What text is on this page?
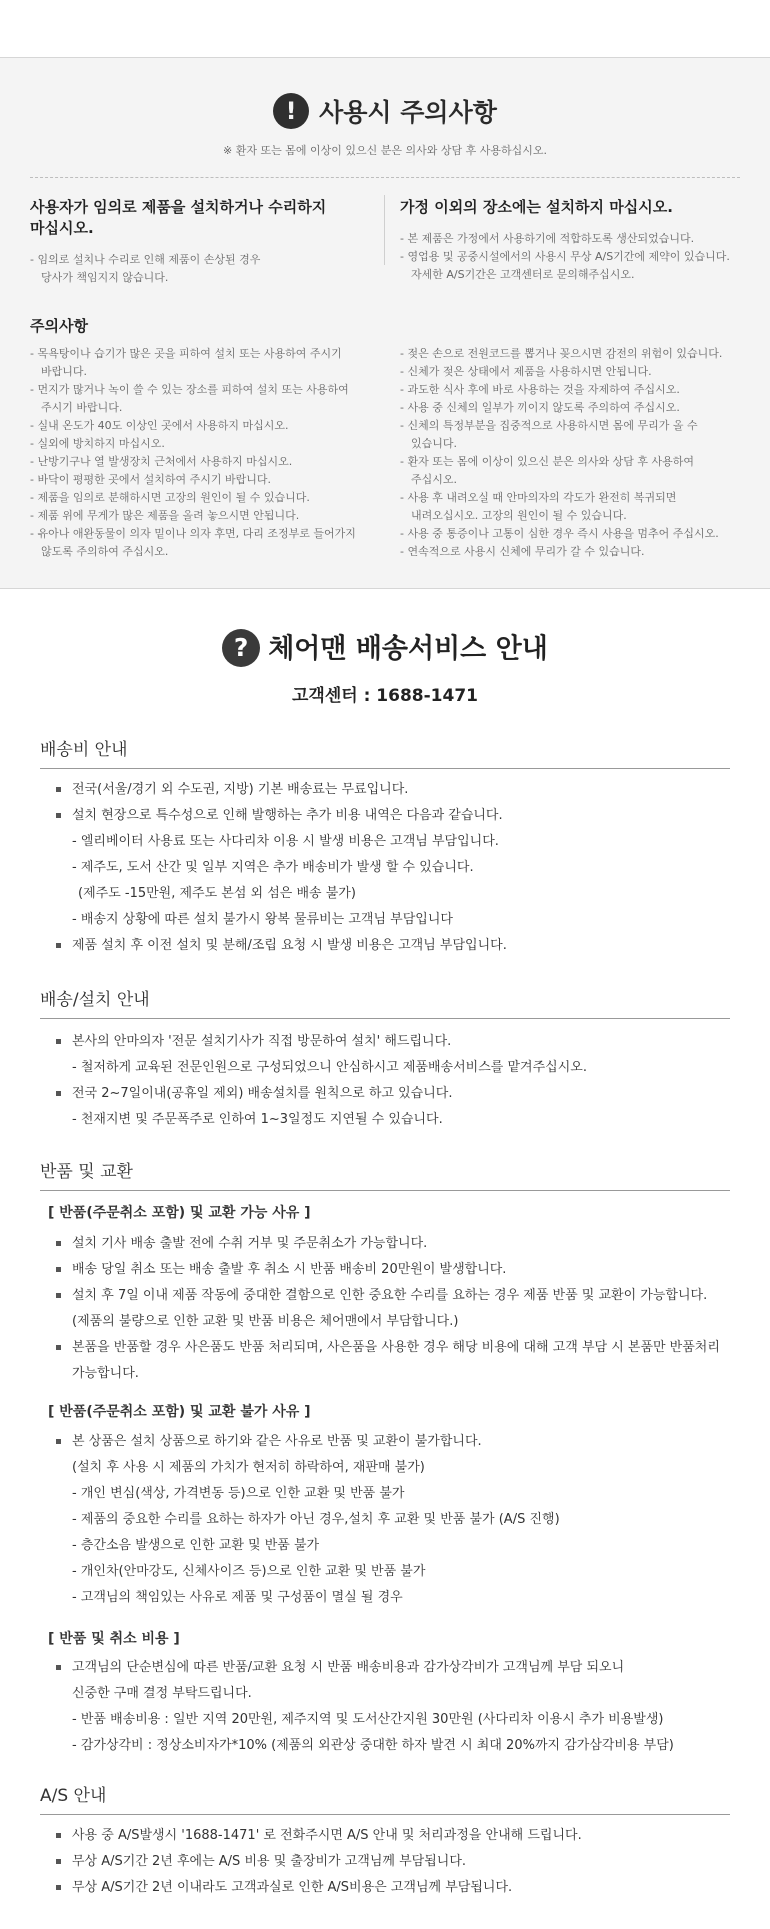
! 사용시 주의사항
※ 환자 또는 몸에 이상이 있으신 분은 의사와 상담 후 사용하십시오.
사용자가 임의로 제품을 설치하거나 수리하지
마십시오.
- 임의로 설치나 수리로 인해 제품이 손상된 경우
당사가 책임지지 않습니다.
가정 이외의 장소에는 설치하지 마십시오.
- 본 제품은 가정에서 사용하기에 적합하도록 생산되었습니다.
- 영업용 및 공중시설에서의 사용시 무상 A/S기간에 제약이 있습니다.
자세한 A/S기간은 고객센터로 문의해주십시오.
주의사항
- 목욕탕이나 습기가 많은 곳을 피하여 설치 또는 사용하여 주시기
바랍니다.
- 먼지가 많거나 녹이 쓸 수 있는 장소를 피하여 설치 또는 사용하여
주시기 바랍니다.
- 실내 온도가 40도 이상인 곳에서 사용하지 마십시오.
- 실외에 방치하지 마십시오.
- 난방기구나 열 발생장치 근처에서 사용하지 마십시오.
- 바닥이 평평한 곳에서 설치하여 주시기 바랍니다.
- 제품을 임의로 분해하시면 고장의 원인이 될 수 있습니다.
- 제품 위에 무게가 많은 제품을 올려 놓으시면 안됩니다.
- 유아나 애완동물이 의자 밑이나 의자 후면, 다리 조정부로 들어가지
않도록 주의하여 주십시오.
- 젖은 손으로 전원코드를 뽑거나 꽂으시면 감전의 위험이 있습니다.
- 신체가 젖은 상태에서 제품을 사용하시면 안됩니다.
- 과도한 식사 후에 바로 사용하는 것을 자제하여 주십시오.
- 사용 중 신체의 일부가 끼이지 않도록 주의하여 주십시오.
- 신체의 특정부분을 집중적으로 사용하시면 몸에 무리가 올 수
있습니다.
- 환자 또는 몸에 이상이 있으신 분은 의사와 상담 후 사용하여
주십시오.
- 사용 후 내려오실 때 안마의자의 각도가 완전히 복귀되면
내려오십시오. 고장의 원인이 될 수 있습니다.
- 사용 중 통증이나 고통이 심한 경우 즉시 사용을 멈추어 주십시오.
- 연속적으로 사용시 신체에 무리가 갈 수 있습니다.
? 체어맨 배송서비스 안내
고객센터 : 1688-1471
배송비 안내
전국(서울/경기 외 수도권, 지방) 기본 배송료는 무료입니다.
설치 현장으로 특수성으로 인해 발행하는 추가 비용 내역은 다음과 같습니다.
- 엘리베이터 사용료 또는 사다리차 이용 시 발생 비용은 고객님 부담입니다.
- 제주도, 도서 산간 및 일부 지역은 추가 배송비가 발생 할 수 있습니다.
(제주도 -15만원, 제주도 본섬 외 섬은 배송 불가)
- 배송지 상황에 따른 설치 불가시 왕복 물류비는 고객님 부담입니다
제품 설치 후 이전 설치 및 분해/조립 요청 시 발생 비용은 고객님 부담입니다.
배송/설치 안내
본사의 안마의자 '전문 설치기사가 직접 방문하여 설치' 해드립니다.
- 철저하게 교육된 전문인원으로 구성되었으니 안심하시고 제품배송서비스를 맡겨주십시오.
전국 2~7일이내(공휴일 제외) 배송설치를 원칙으로 하고 있습니다.
- 천재지변 및 주문폭주로 인하여 1~3일정도 지연될 수 있습니다.
반품 및 교환
[ 반품(주문취소 포함) 및 교환 가능 사유 ]
설치 기사 배송 출발 전에 수취 거부 및 주문취소가 가능합니다.
배송 당일 취소 또는 배송 출발 후 취소 시 반품 배송비 20만원이 발생합니다.
설치 후 7일 이내 제품 작동에 중대한 결함으로 인한 중요한 수리를 요하는 경우 제품 반품 및 교환이 가능합니다.
(제품의 불량으로 인한 교환 및 반품 비용은 체어맨에서 부담합니다.)
본품을 반품할 경우 사은품도 반품 처리되며, 사은품을 사용한 경우 해당 비용에 대해 고객 부담 시 본품만 반품처리
가능합니다.
[ 반품(주문취소 포함) 및 교환 불가 사유 ]
본 상품은 설치 상품으로 하기와 같은 사유로 반품 및 교환이 불가합니다.
(설치 후 사용 시 제품의 가치가 현저히 하락하여, 재판매 불가)
- 개인 변심(색상, 가격변동 등)으로 인한 교환 및 반품 불가
- 제품의 중요한 수리를 요하는 하자가 아닌 경우,설치 후 교환 및 반품 불가 (A/S 진행)
- 층간소음 발생으로 인한 교환 및 반품 불가
- 개인차(안마강도, 신체사이즈 등)으로 인한 교환 및 반품 불가
- 고객님의 책임있는 사유로 제품 및 구성품이 멸실 될 경우
[ 반품 및 취소 비용 ]
고객님의 단순변심에 따른 반품/교환 요청 시 반품 배송비용과 감가상각비가 고객님께 부담 되오니
신중한 구매 결정 부탁드립니다.
- 반품 배송비용 : 일반 지역 20만원, 제주지역 및 도서산간지원 30만원 (사다리차 이용시 추가 비용발생)
- 감가상각비 : 정상소비자가*10% (제품의 외관상 중대한 하자 발견 시 최대 20%까지 감가삼각비용 부담)
A/S 안내
사용 중 A/S발생시 '1688-1471' 로 전화주시면 A/S 안내 및 처리과정을 안내해 드립니다.
무상 A/S기간 2년 후에는 A/S 비용 및 출장비가 고객님께 부담됩니다.
무상 A/S기간 2년 이내라도 고객과실로 인한 A/S비용은 고객님께 부담됩니다.
